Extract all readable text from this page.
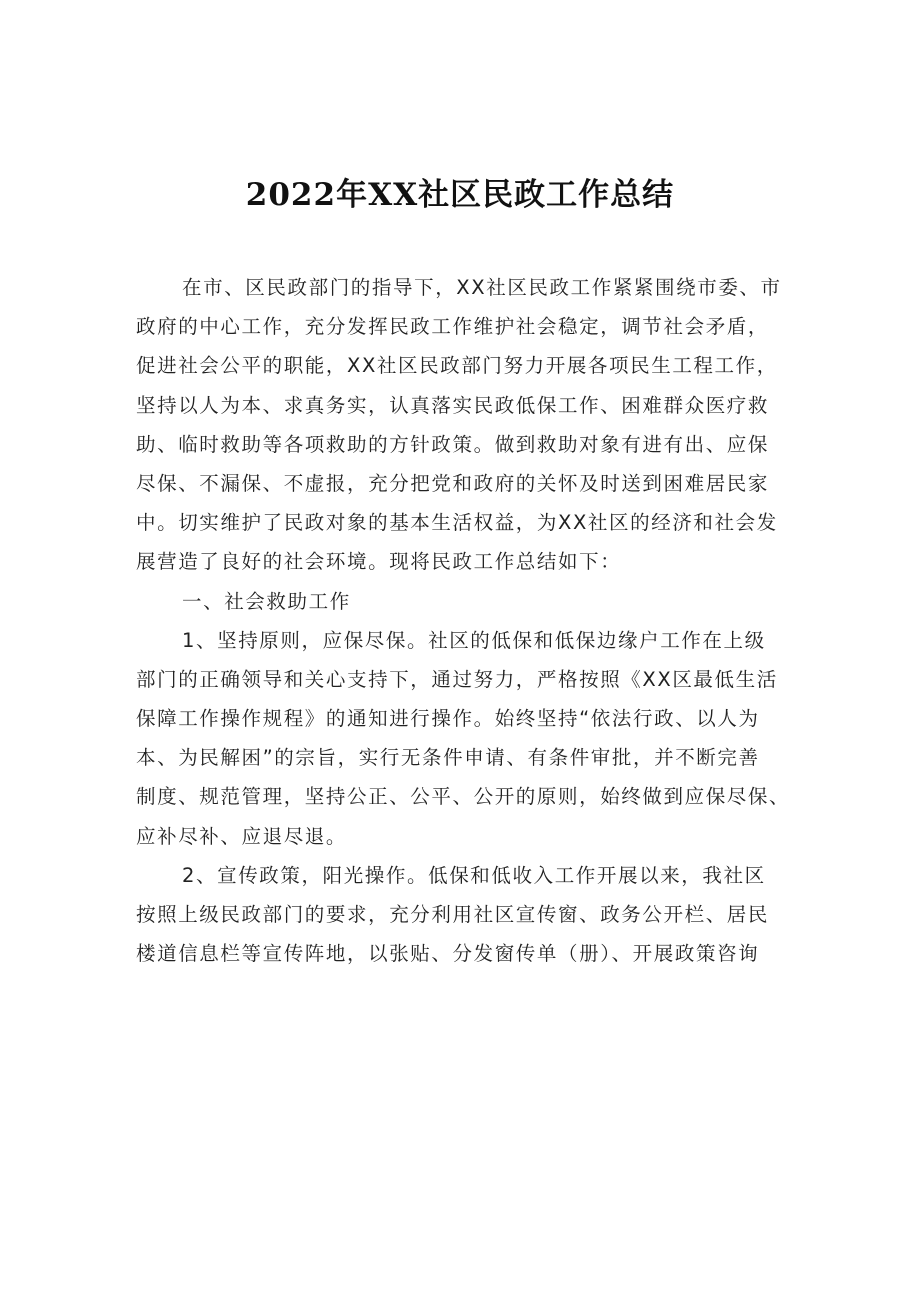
2022年XX社区民政工作总结
在市、区民政部门的指导下，XX社区民政工作紧紧围绕市委、市
政府的中心工作，充分发挥民政工作维护社会稳定，调节社会矛盾，
促进社会公平的职能，XX社区民政部门努力开展各项民生工程工作，
坚持以人为本、求真务实，认真落实民政低保工作、困难群众医疗救
助、临时救助等各项救助的方针政策。做到救助对象有进有出、应保
尽保、不漏保、不虚报，充分把党和政府的关怀及时送到困难居民家
中。切实维护了民政对象的基本生活权益，为XX社区的经济和社会发
展营造了良好的社会环境。现将民政工作总结如下：
一、社会救助工作
1、坚持原则，应保尽保。社区的低保和低保边缘户工作在上级
部门的正确领导和关心支持下，通过努力，严格按照《XX区最低生活
保障工作操作规程》的通知进行操作。始终坚持“依法行政、以人为
本、为民解困”的宗旨，实行无条件申请、有条件审批，并不断完善
制度、规范管理，坚持公正、公平、公开的原则，始终做到应保尽保、
应补尽补、应退尽退。
2、宣传政策，阳光操作。低保和低收入工作开展以来，我社区
按照上级民政部门的要求，充分利用社区宣传窗、政务公开栏、居民
楼道信息栏等宣传阵地，以张贴、分发窗传单（册）、开展政策咨询
